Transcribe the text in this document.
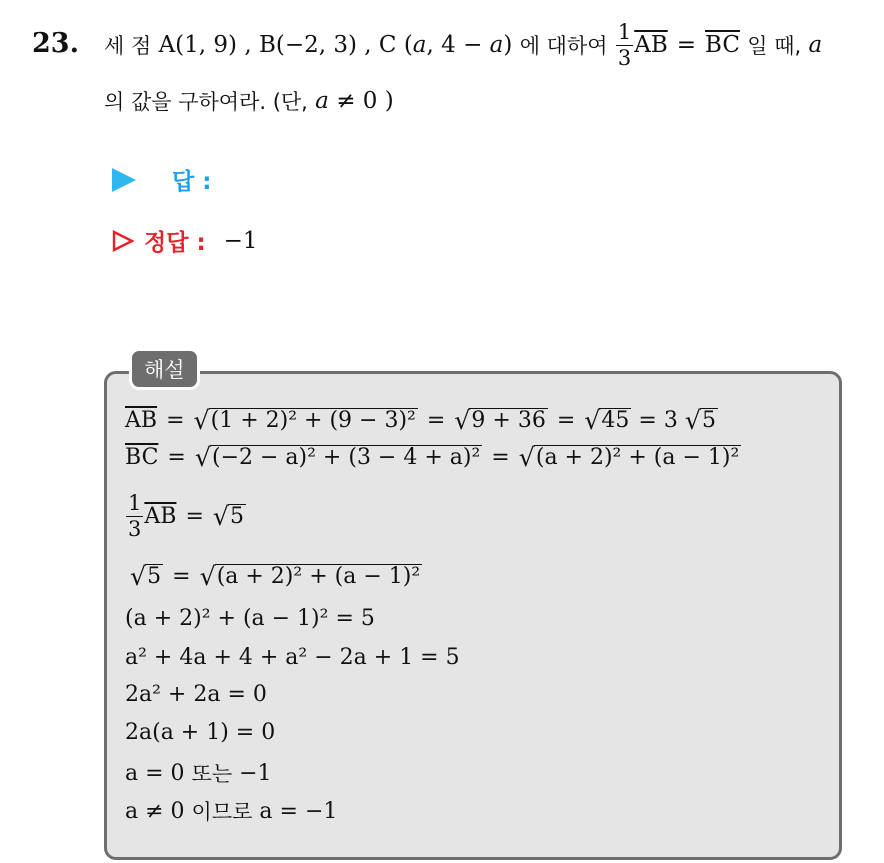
23. 세 점
A(1, 9) ,
B(−2, 3) ,
C ( a , 4 −
a )
에 대하여
$\frac{1}{3} \overline{AB} = \overline{BC}$
일 때,
a
의 값을 구하여라. (단,
a
≠ 0 )
답 :
정답 : −1
해설
$\overline{AB}$ = √ (1 + 2)² + (9 − 3)² = √ 9 + 36 = √ 45
= 3
√ 5
$\overline{BC}$ = √ (−2 − a)² + (3 − 4 + a)² = √ (a + 2)² + (a − 1)²
$\frac{1}{3} \overline{AB}$ = √ 5
√ 5 = √ (a + 2)² + (a − 1)²
(a + 2)² + (a − 1)² = 5
a² + 4a + 4 + a² − 2a + 1 = 5
2a² + 2a = 0
2a(a + 1) = 0
a = 0
또는
−1
a ≠ 0
이므로
a = −1
